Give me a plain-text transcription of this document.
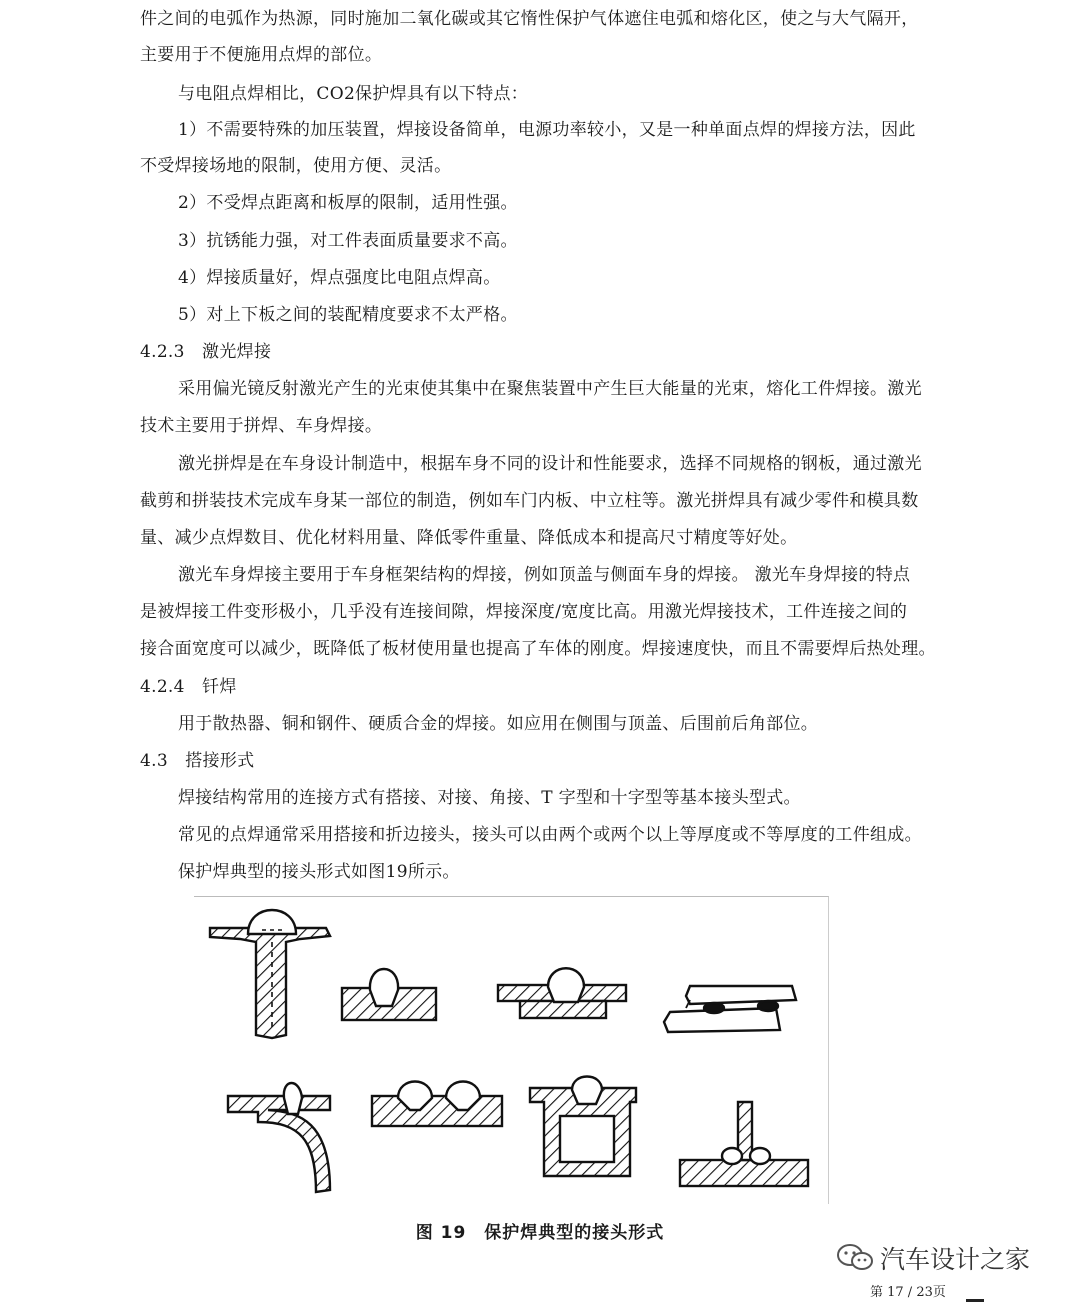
件之间的电弧作为热源，同时施加二氧化碳或其它惰性保护气体遮住电弧和熔化区，使之与大气隔开，
主要用于不便施用点焊的部位。
与电阻点焊相比，CO2保护焊具有以下特点：
1）不需要特殊的加压装置，焊接设备简单，电源功率较小，又是一种单面点焊的焊接方法，因此
不受焊接场地的限制，使用方便、灵活。
2）不受焊点距离和板厚的限制，适用性强。
3）抗锈能力强，对工件表面质量要求不高。
4）焊接质量好，焊点强度比电阻点焊高。
5）对上下板之间的装配精度要求不太严格。
4.2.3　激光焊接
采用偏光镜反射激光产生的光束使其集中在聚焦装置中产生巨大能量的光束，熔化工件焊接。激光
技术主要用于拼焊、车身焊接。
激光拼焊是在车身设计制造中，根据车身不同的设计和性能要求，选择不同规格的钢板，通过激光
截剪和拼装技术完成车身某一部位的制造，例如车门内板、中立柱等。激光拼焊具有减少零件和模具数
量、减少点焊数目、优化材料用量、降低零件重量、降低成本和提高尺寸精度等好处。
激光车身焊接主要用于车身框架结构的焊接，例如顶盖与侧面车身的焊接。 激光车身焊接的特点
是被焊接工件变形极小，几乎没有连接间隙，焊接深度/宽度比高。用激光焊接技术，工件连接之间的
接合面宽度可以减少，既降低了板材使用量也提高了车体的刚度。焊接速度快，而且不需要焊后热处理。
4.2.4　钎焊
用于散热器、铜和钢件、硬质合金的焊接。如应用在侧围与顶盖、后围前后角部位。
4.3　搭接形式
焊接结构常用的连接方式有搭接、对接、角接、T 字型和十字型等基本接头型式。
常见的点焊通常采用搭接和折边接头，接头可以由两个或两个以上等厚度或不等厚度的工件组成。
保护焊典型的接头形式如图19所示。
图 19　保护焊典型的接头形式
汽车设计之家
第 17 / 23页
